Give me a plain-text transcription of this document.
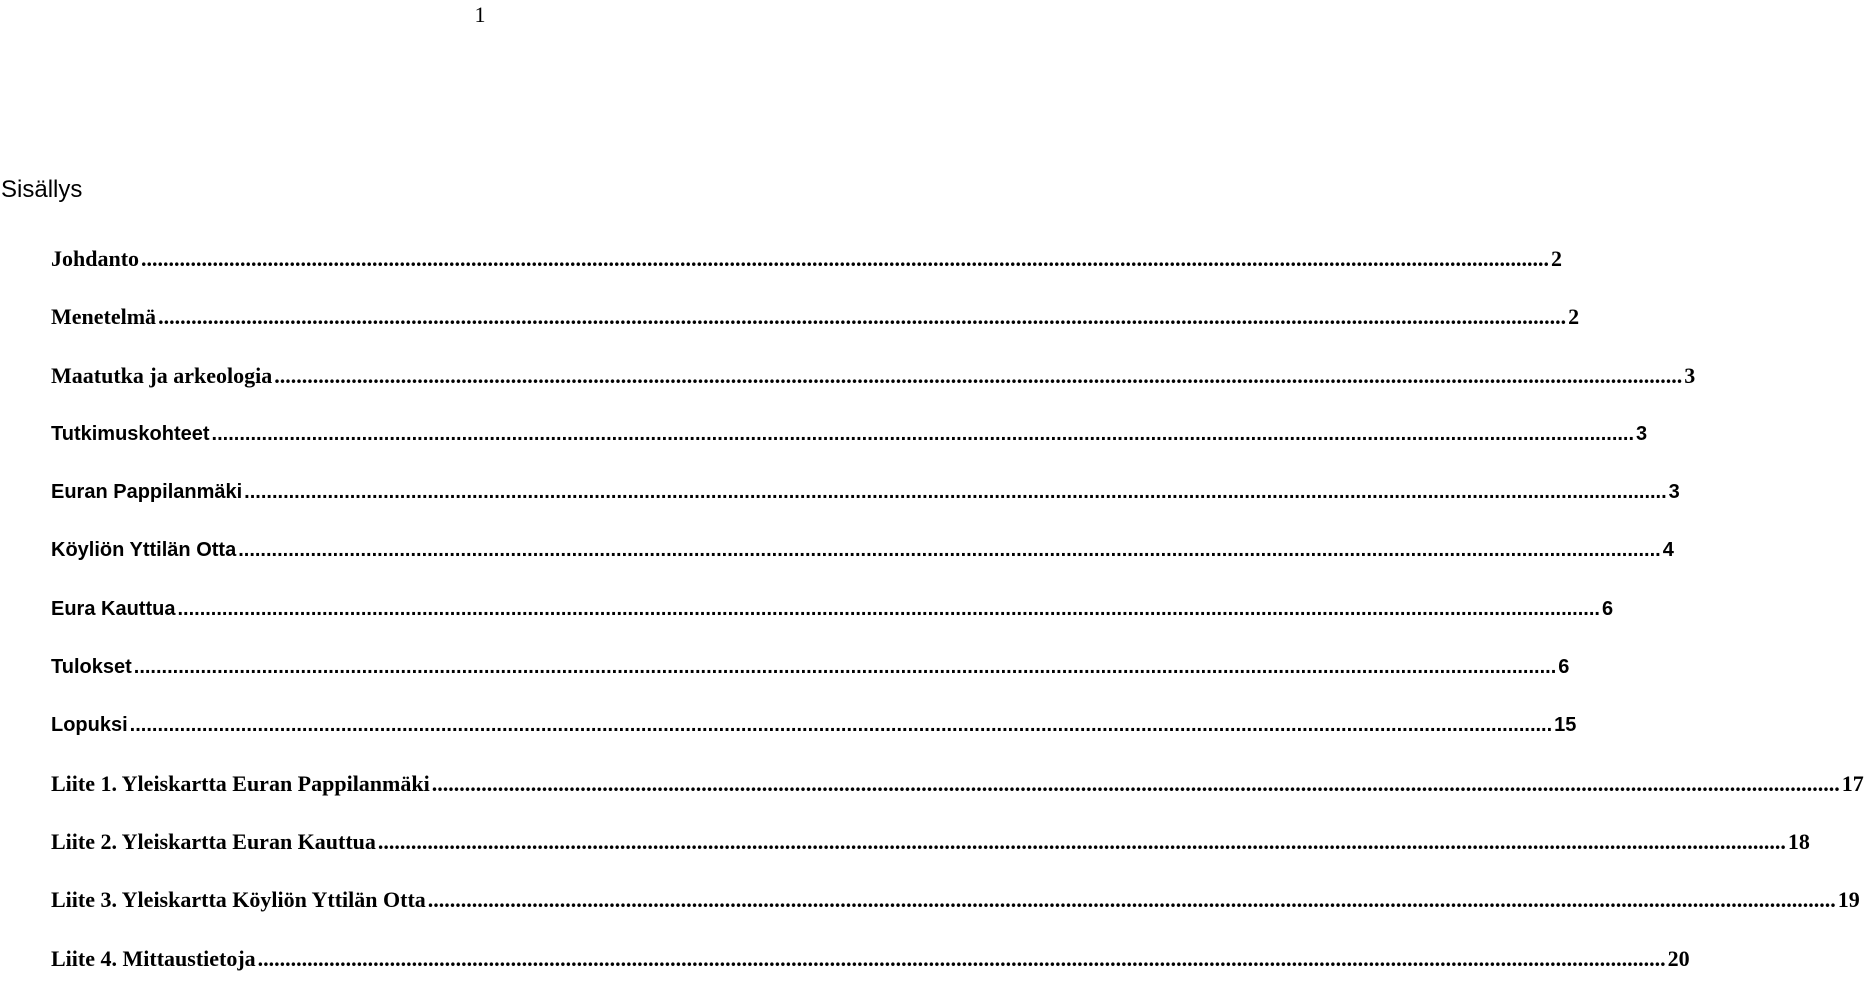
1
Sisällys
Johdanto .....	2
Menetelmä .....	2
Maatutka ja arkeologia .....	3
Tutkimuskohteet .....	3
Euran Pappilanmäki .....	3
Köyliön Yttilän Otta .....	4
Eura Kauttua .....	6
Tulokset .....	6
Lopuksi .....	15
Liite 1. Yleiskartta Euran Pappilanmäki .....	17
Liite 2. Yleiskartta Euran Kauttua .....	18
Liite 3. Yleiskartta Köyliön Yttilän Otta .....	19
Liite 4. Mittaustietoja .....	20
